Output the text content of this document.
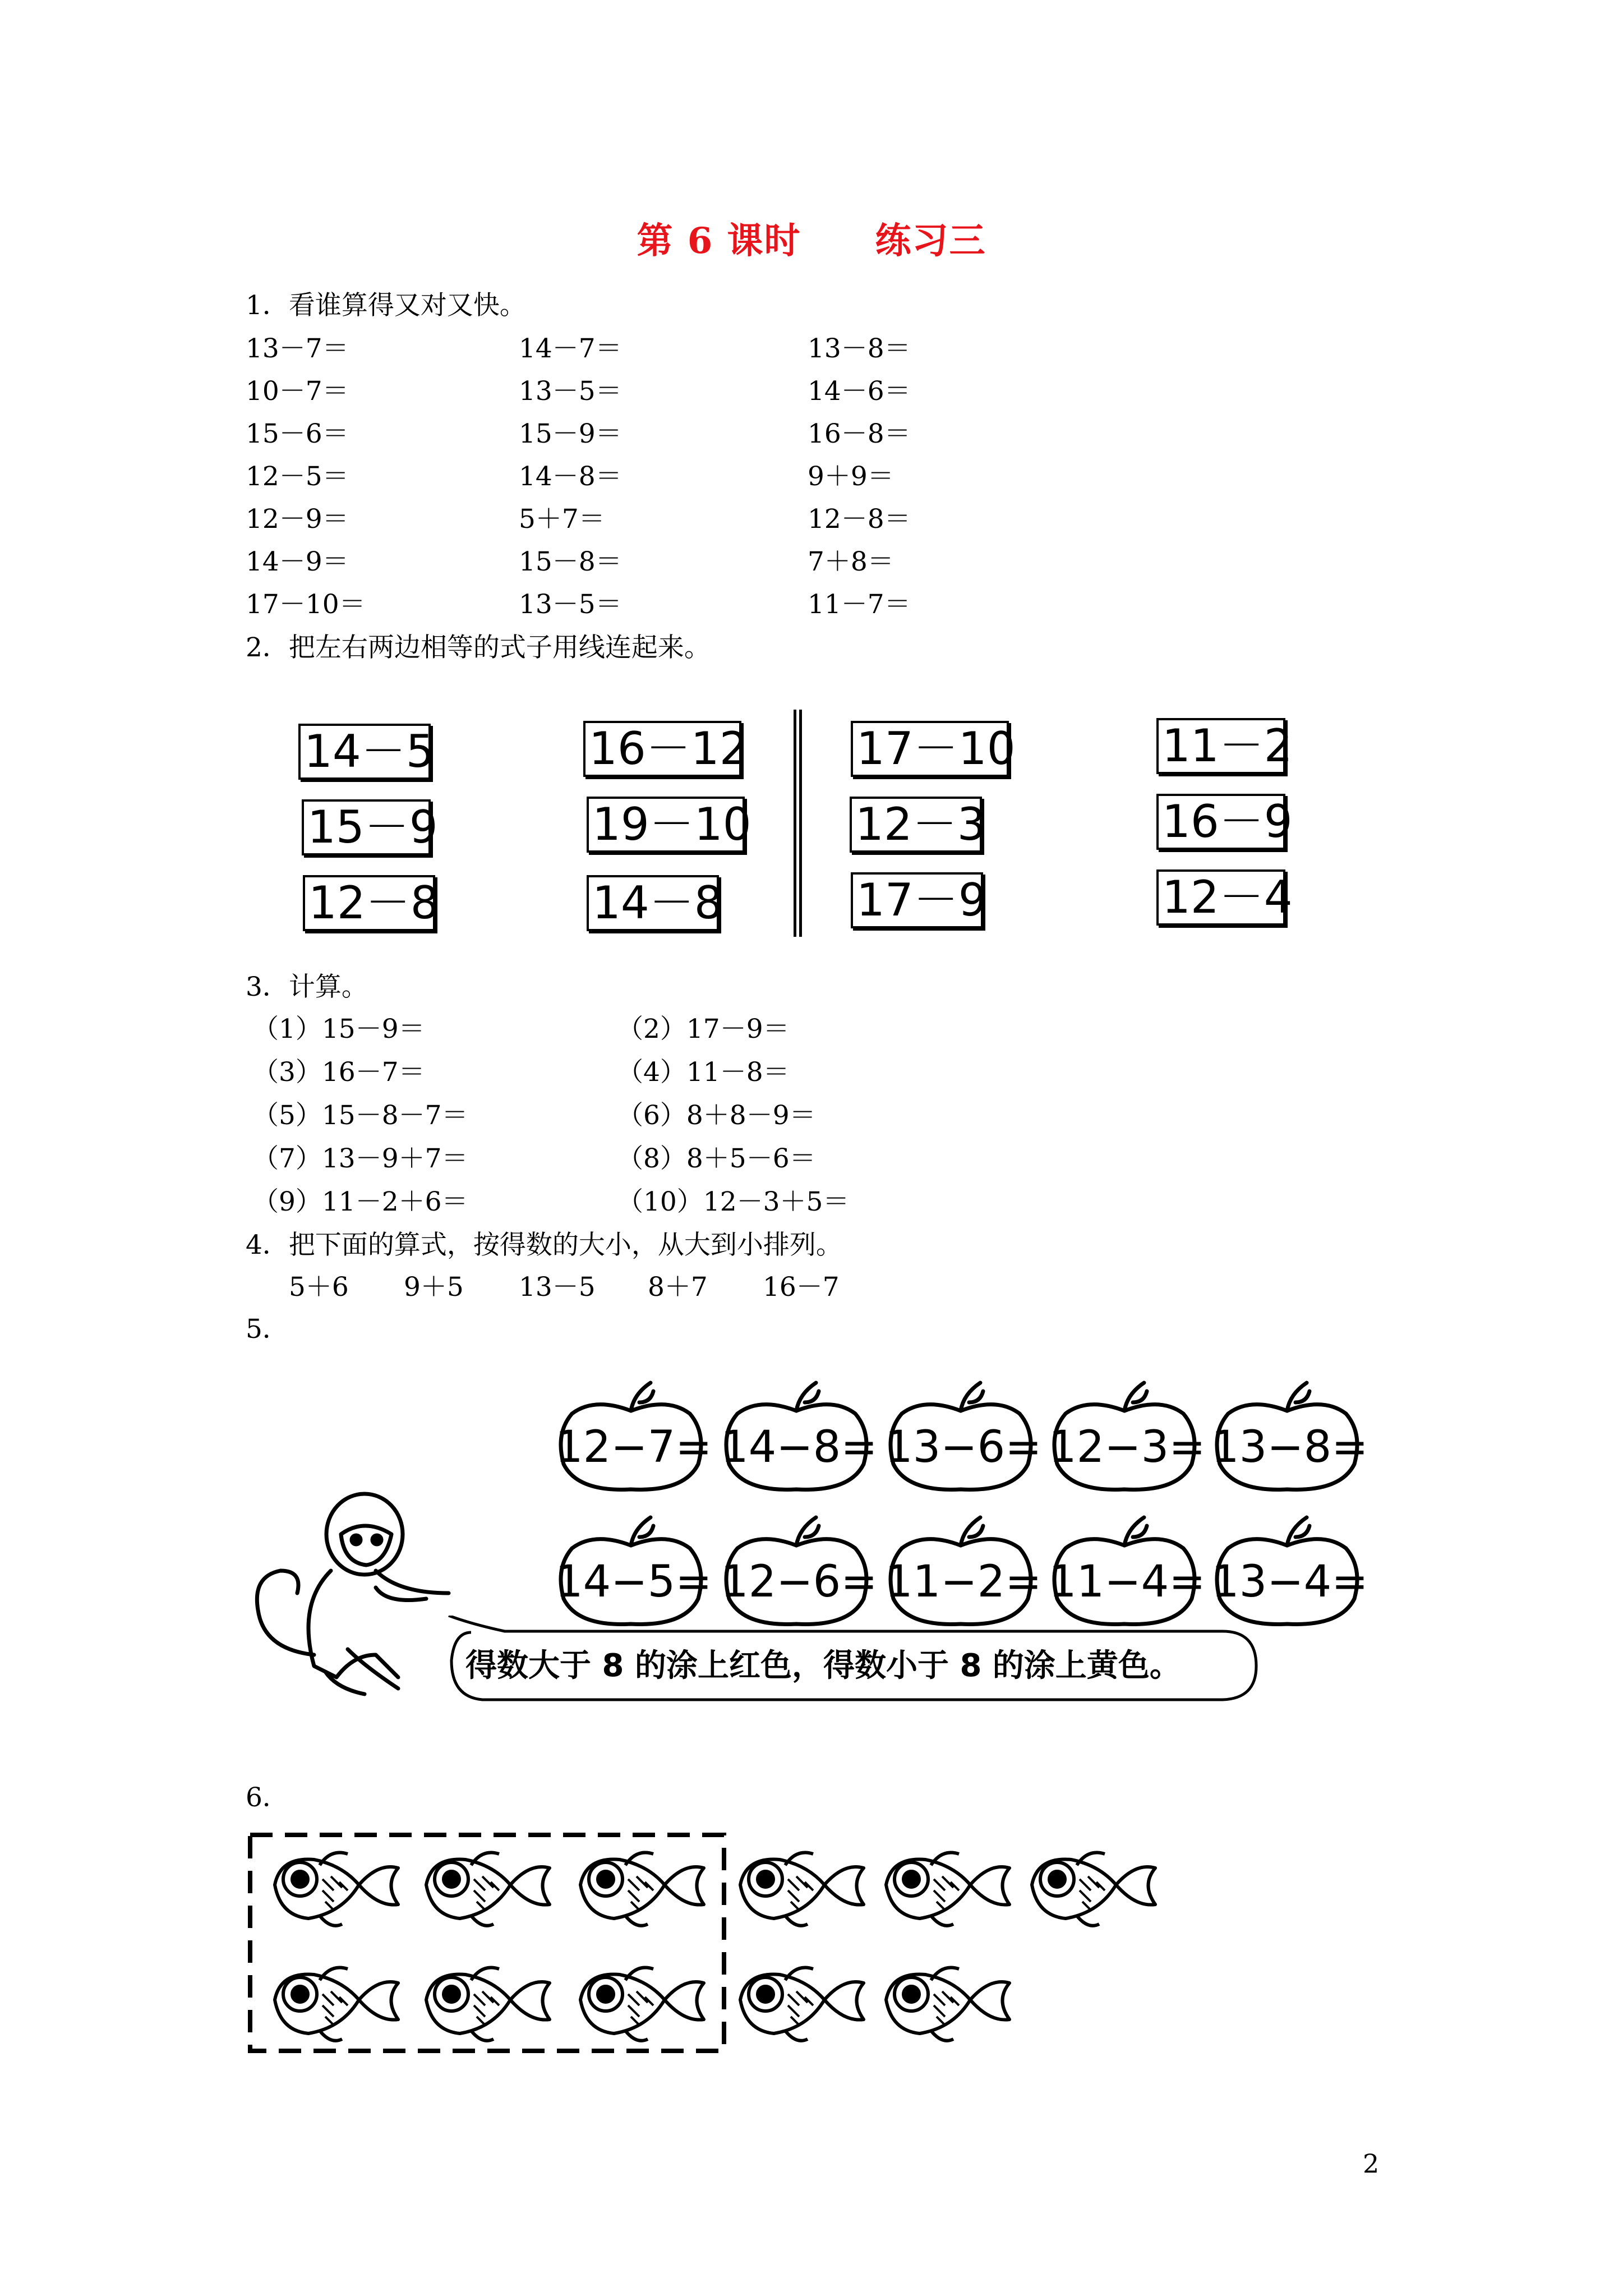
第 6 课时　　练习三
1．看谁算得又对又快。
13－7＝	14－7＝	13－8＝
10－7＝	13－5＝	14－6＝
15－6＝	15－9＝	16－8＝
12－5＝	14－8＝	9＋9＝
12－9＝	5＋7＝	12－8＝
14－9＝	15－8＝	7＋8＝
17－10＝	13－5＝	11－7＝
2．把左右两边相等的式子用线连起来。
14－5
15－9
12－8
16－12
19－10
14－8
17－10
12－3
17－9
11－2
16－9
12－4
3．计算。
（1）15－9＝	（2）17－9＝
（3）16－7＝	（4）11－8＝
（5）15－8－7＝	（6）8＋8－9＝
（7）13－9＋7＝	（8）8＋5－6＝
（9）11－2＋6＝	（10）12－3＋5＝
4．把下面的算式，按得数的大小，从大到小排列。
5＋6 9＋5 13－5 8＋7 16－7
5．
12−7= 14−8= 13−6= 12−3= 13−8=
14−5= 12−6= 11−2= 11−4= 13−4=
得数大于 8 的涂上红色，得数小于 8 的涂上黄色。
6．
2
